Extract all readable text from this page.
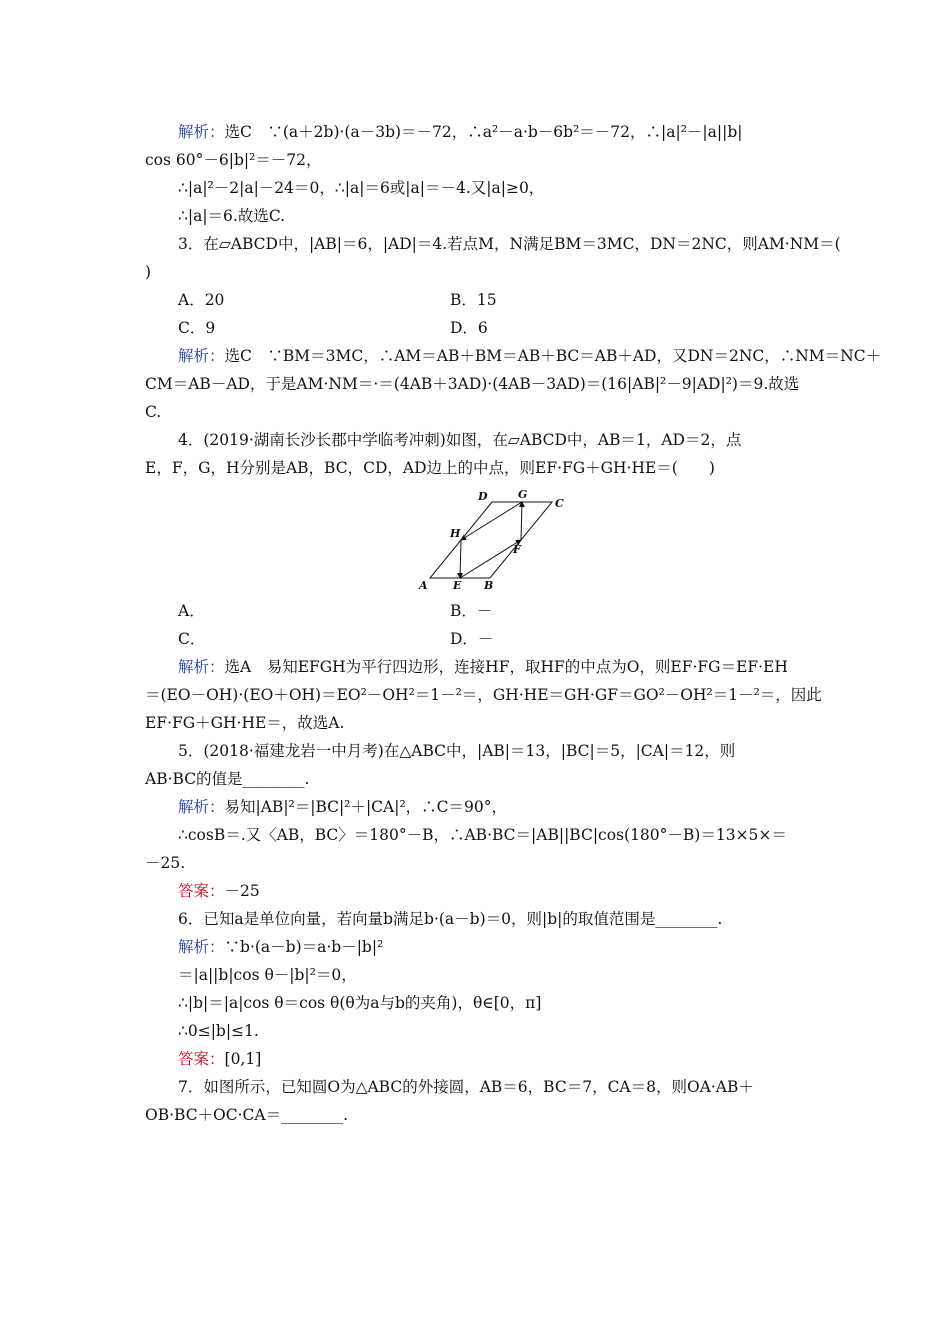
解析：选C　∵(a＋2b)·(a－3b)＝－72，∴a²－a·b－6b²＝－72，∴|a|²－|a||b|
cos 60°－6|b|²＝－72，
∴|a|²－2|a|－24＝0，∴|a|＝6或|a|＝－4.又|a|≥0，
∴|a|＝6.故选C.
3．在▱ABCD中，|AB|＝6，|AD|＝4.若点M，N满足BM＝3MC，DN＝2NC，则AM·NM＝(
)
A．20	B．15
C．9	D．6
解析：选C　∵BM＝3MC，∴AM＝AB＋BM＝AB＋BC＝AB＋AD，又DN＝2NC，∴NM＝NC＋
CM＝AB－AD，于是AM·NM＝·＝(4AB＋3AD)·(4AB－3AD)＝(16|AB|²－9|AD|²)＝9.故选
C.
4．(2019·湖南长沙长郡中学临考冲刺)如图，在▱ABCD中，AB＝1，AD＝2，点
E，F，G，H分别是AB，BC，CD，AD边上的中点，则EF·FG＋GH·HE＝(　　)
A	B
C
D
E
F
G
H
A．	B．－
C．	D．－
解析：选A　易知EFGH为平行四边形，连接HF，取HF的中点为O，则EF·FG＝EF·EH
＝(EO－OH)·(EO＋OH)＝EO²－OH²＝1－²＝，GH·HE＝GH·GF＝GO²－OH²＝1－²＝，因此
EF·FG＋GH·HE＝，故选A.
5．(2018·福建龙岩一中月考)在△ABC中，|AB|＝13，|BC|＝5，|CA|＝12，则
AB·BC的值是________.
解析：易知|AB|²＝|BC|²＋|CA|²，∴C＝90°，
∴cosB＝.又〈AB，BC〉＝180°－B，∴AB·BC＝|AB||BC|cos(180°－B)＝13×5×＝
－25.
答案：－25
6．已知a是单位向量，若向量b满足b·(a－b)＝0，则|b|的取值范围是________.
解析：∵b·(a－b)＝a·b－|b|²
＝|a||b|cos θ－|b|²＝0，
∴|b|＝|a|cos θ＝cos θ(θ为a与b的夹角)，θ∈[0，π]
∴0≤|b|≤1.
答案：[0,1]
7．如图所示，已知圆O为△ABC的外接圆，AB＝6，BC＝7，CA＝8，则OA·AB＋
OB·BC＋OC·CA＝________.
